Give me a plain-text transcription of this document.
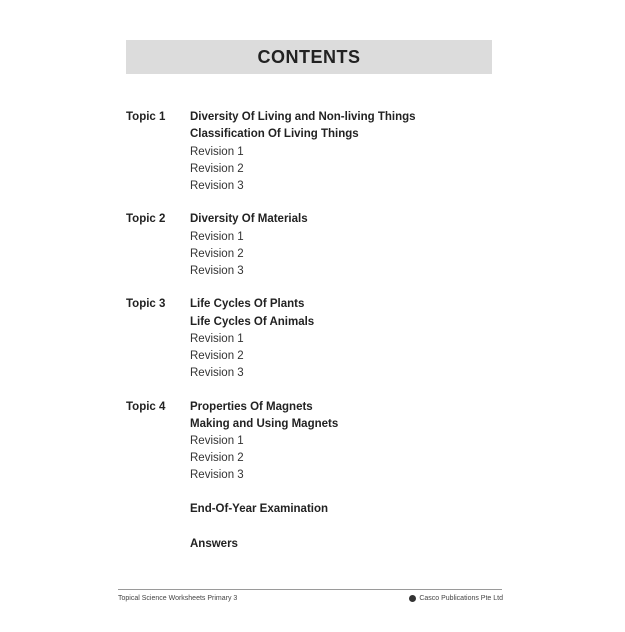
CONTENTS
Topic 1 Diversity Of Living and Non-living Things
Classification Of Living Things
Revision 1
Revision 2
Revision 3
Topic 2 Diversity Of Materials
Revision 1
Revision 2
Revision 3
Topic 3 Life Cycles Of Plants
Life Cycles Of Animals
Revision 1
Revision 2
Revision 3
Topic 4 Properties Of Magnets
Making and Using Magnets
Revision 1
Revision 2
Revision 3
End-Of-Year Examination
Answers
Topical Science Worksheets Primary 3	Casco Publications Pte Ltd
